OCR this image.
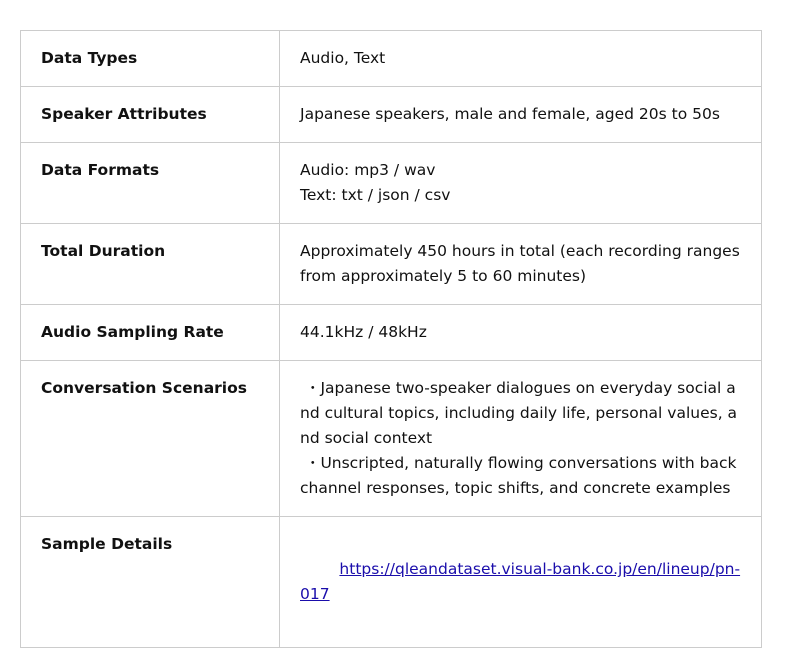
Data Types	Audio, Text
Speaker Attributes	Japanese speakers, male and female, aged 20s to 50s
Data Formats	Audio: mp3 / wav
Text: txt / json / csv
Total Duration	Approximately 450 hours in total (each recording ranges from approximately 5 to 60 minutes)
Audio Sampling Rate	44.1kHz / 48kHz
Conversation Scenarios	・Japanese two-speaker dialogues on everyday social and cultural topics, including daily life, personal values, and social context
・Unscripted, naturally flowing conversations with backchannel responses, topic shifts, and concrete examples
Sample Details	https://qleandataset.visual-bank.co.jp/en/lineup/pn-017
